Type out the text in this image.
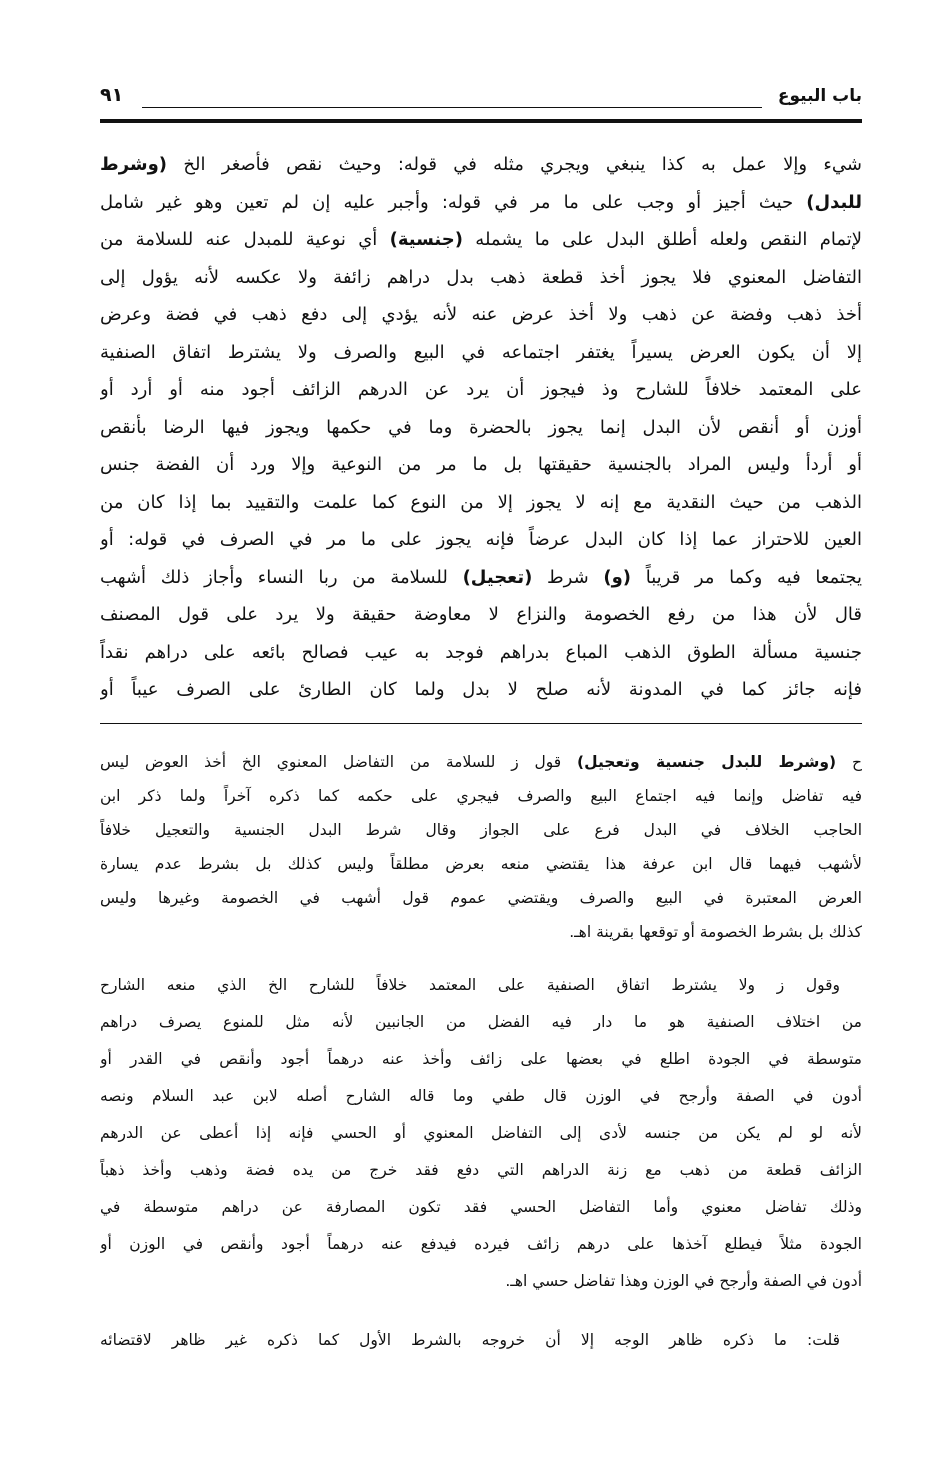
باب البيوع
٩١
شيء وإلا عمل به كذا ينبغي ويجري مثله في قوله: وحيث نقص فأصغر الخ (وشرط
للبدل) حيث أجيز أو وجب على ما مر في قوله: وأجبر عليه إن لم تعين وهو غير شامل
لإتمام النقص ولعله أطلق البدل على ما يشمله (جنسية) أي نوعية للمبدل عنه للسلامة من
التفاضل المعنوي فلا يجوز أخذ قطعة ذهب بدل دراهم زائفة ولا عكسه لأنه يؤول إلى
أخذ ذهب وفضة عن ذهب ولا أخذ عرض عنه لأنه يؤدي إلى دفع ذهب في فضة وعرض
إلا أن يكون العرض يسيراً يغتفر اجتماعه في البيع والصرف ولا يشترط اتفاق الصنفية
على المعتمد خلافاً للشارح وذ فيجوز أن يرد عن الدرهم الزائف أجود منه أو أرد أو
أوزن أو أنقص لأن البدل إنما يجوز بالحضرة وما في حكمها ويجوز فيها الرضا بأنقص
أو أردأ وليس المراد بالجنسية حقيقتها بل ما مر من النوعية وإلا ورد أن الفضة جنس
الذهب من حيث النقدية مع إنه لا يجوز إلا من النوع كما علمت والتقييد بما إذا كان من
العين للاحتراز عما إذا كان البدل عرضاً فإنه يجوز على ما مر في الصرف في قوله: أو
يجتمعا فيه وكما مر قريباً (و) شرط (تعجيل) للسلامة من ربا النساء وأجاز ذلك أشهب
قال لأن هذا من رفع الخصومة والنزاع لا معاوضة حقيقة ولا يرد على قول المصنف
جنسية مسألة الطوق الذهب المباع بدراهم فوجد به عيب فصالح بائعه على دراهم نقداً
فإنه جائز كما في المدونة لأنه صلح لا بدل ولما كان الطارئ على الصرف عيباً أو
ح (وشرط للبدل جنسية وتعجيل) قول ز للسلامة من التفاضل المعنوي الخ أخذ العوض ليس
فيه تفاضل وإنما فيه اجتماع البيع والصرف فيجري على حكمه كما ذكره آخراً ولما ذكر ابن
الحاجب الخلاف في البدل فرع على الجواز وقال شرط البدل الجنسية والتعجيل خلافاً
لأشهب فيهما قال ابن عرفة هذا يقتضي منعه بعرض مطلقاً وليس كذلك بل بشرط عدم يسارة
العرض المعتبرة في البيع والصرف ويقتضي عموم قول أشهب في الخصومة وغيرها وليس
كذلك بل بشرط الخصومة أو توقعها بقرينة اهـ.
وقول ز ولا يشترط اتفاق الصنفية على المعتمد خلافاً للشارح الخ الذي منعه الشارح
من اختلاف الصنفية هو ما دار فيه الفضل من الجانبين لأنه مثل للمنوع يصرف دراهم
متوسطة في الجودة اطلع في بعضها على زائف وأخذ عنه درهماً أجود وأنقص في القدر أو
أدون في الصفة وأرجح في الوزن قال طفي وما قاله الشارح أصله لابن عبد السلام ونصه
لأنه لو لم يكن من جنسه لأدى إلى التفاضل المعنوي أو الحسي فإنه إذا أعطى عن الدرهم
الزائف قطعة من ذهب مع زنة الدراهم التي دفع فقد خرج من يده فضة وذهب وأخذ ذهباً
وذلك تفاضل معنوي وأما التفاضل الحسي فقد تكون المصارفة عن دراهم متوسطة في
الجودة مثلاً فيطلع آخذها على درهم زائف فيرده فيدفع عنه درهماً أجود وأنقص في الوزن أو
أدون في الصفة وأرجح في الوزن وهذا تفاضل حسي اهـ.
قلت: ما ذكره ظاهر الوجه إلا أن خروجه بالشرط الأول كما ذكره غير ظاهر لاقتضائه
